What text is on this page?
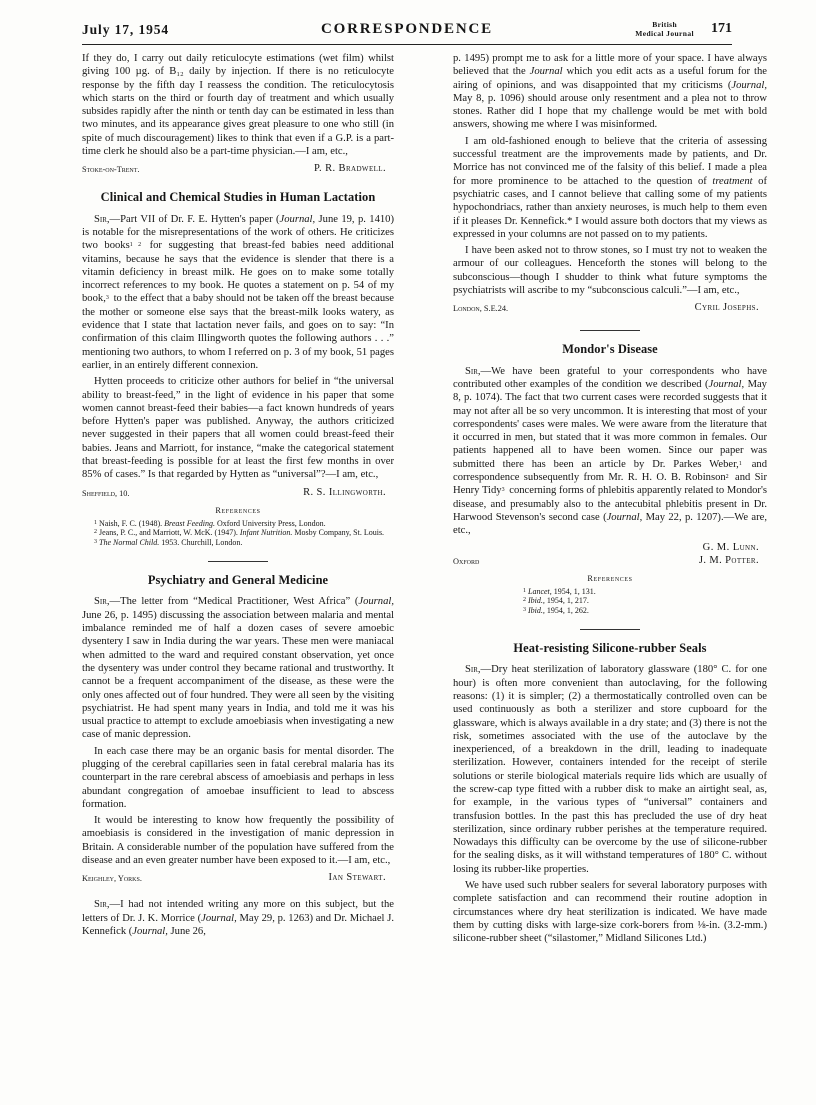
July 17, 1954	CORRESPONDENCE	British
Medical Journal 171

If they do, I carry out daily reticulocyte estimations (wet film) whilst giving 100 µg. of B₁₂ daily by injection. If there is no reticulocyte response by the fifth day I reassess the condition. The reticulocytosis which starts on the third or fourth day of treatment and which usually subsides rapidly after the ninth or tenth day can be estimated in less than two minutes, and its appearance gives great pleasure to one who still (in spite of much discouragement) likes to think that even if a G.P. is a part-time clerk he should also be a part-time physician.—I am, etc.,

Stoke-on-Trent.	P. R. Bradwell.
Clinical and Chemical Studies in Human Lactation

Sir,—Part VII of Dr. F. E. Hytten's paper (Journal, June 19, p. 1410) is notable for the misrepresentations of the work of others. He criticizes two books$^{1 2}$ for suggesting that breast-fed babies need additional vitamins, because he says that the evidence is slender that there is a vitamin deficiency in breast milk. He goes on to make some totally incorrect references to my book. He quotes a statement on p. 54 of my book,$^3$ to the effect that a baby should not be taken off the breast because the mother or someone else says that the breast-milk looks watery, as evidence that I state that lactation never fails, and goes on to say: “In confirmation of this claim Illingworth quotes the following authors . . .” mentioning two authors, to whom I referred on p. 3 of my book, 51 pages earlier, in an entirely different connexion.

Hytten proceeds to criticize other authors for belief in “the universal ability to breast-feed,” in the light of evidence in his paper that some women cannot breast-feed their babies—a fact known hundreds of years before Hytten's paper was published. Anyway, the authors criticized never suggested in their papers that all women could breast-feed their babies. Jeans and Marriott, for instance, “make the categorical statement that breast-feeding is possible for at least the first few months in over 85% of cases.” Is that regarded by Hytten as “universal”?—I am, etc.,

Sheffield, 10.	R. S. Illingworth.
References
$^1$ Naish, F. C. (1948). Breast Feeding. Oxford University Press, London.
$^2$ Jeans, P. C., and Marriott, W. McK. (1947). Infant Nutrition. Mosby Company, St. Louis.
$^3$ The Normal Child. 1953. Churchill, London.
Psychiatry and General Medicine

Sir,—The letter from “Medical Practitioner, West Africa” (Journal, June 26, p. 1495) discussing the association between malaria and mental imbalance reminded me of half a dozen cases of severe amoebic dysentery I saw in India during the war years. These men were maniacal when admitted to the ward and required constant observation, yet once the dysentery was under control they became rational and trustworthy. It cannot be a frequent accompaniment of the disease, as these were the only ones affected out of four hundred. They were all seen by the visiting psychiatrist. He had spent many years in India, and told me it was his usual practice to attempt to exclude amoebiasis when investigating a new case of manic depression.

In each case there may be an organic basis for mental disorder. The plugging of the cerebral capillaries seen in fatal cerebral malaria has its counterpart in the rare cerebral abscess of amoebiasis and perhaps in less abundant congregation of amoebae insufficient to lead to abscess formation.

It would be interesting to know how frequently the possibility of amoebiasis is considered in the investigation of manic depression in Britain. A considerable number of the population have suffered from the disease and an even greater number have been exposed to it.—I am, etc.,

Keighley, Yorks.	Ian Stewart.

Sir,—I had not intended writing any more on this subject, but the letters of Dr. J. K. Morrice (Journal, May 29, p. 1263) and Dr. Michael J. Kennefick (Journal, June 26,

p. 1495) prompt me to ask for a little more of your space. I have always believed that the Journal which you edit acts as a useful forum for the airing of opinions, and was disappointed that my criticisms (Journal, May 8, p. 1096) should arouse only resentment and a plea not to throw stones. Rather did I hope that my challenge would be met with bold answers, showing me where I was misinformed.

I am old-fashioned enough to believe that the criteria of assessing successful treatment are the improvements made by patients, and Dr. Morrice has not convinced me of the falsity of this belief. I made a plea for more prominence to be attached to the question of treatment of psychiatric cases, and I cannot believe that calling some of my patients hypochondriacs, rather than anxiety neuroses, is much help to them even if it pleases Dr. Kennefick.* I would assure both doctors that my views as expressed in your columns are not passed on to my patients.

I have been asked not to throw stones, so I must try not to weaken the armour of our colleagues. Henceforth the stones will belong to the subconscious—though I shudder to think what future symptoms the psychiatrists will ascribe to my “subconscious calculi.”—I am, etc.,

London, S.E.24.	Cyril Josephs.
Mondor's Disease

Sir,—We have been grateful to your correspondents who have contributed other examples of the condition we described (Journal, May 8, p. 1074). The fact that two current cases were recorded suggests that it may not after all be so very uncommon. It is interesting that most of your correspondents' cases were males. We were aware from the literature that it occurred in men, but stated that it was more common in females. Our patients happened all to have been women. Since our paper was submitted there has been an article by Dr. Parkes Weber,$^1$ and correspondence subsequently from Mr. R. H. O. B. Robinson$^2$ and Sir Henry Tidy$^3$ concerning forms of phlebitis apparently related to Mondor's disease, and presumably also to the antecubital phlebitis present in Dr. Harwood Stevenson's second case (Journal, May 22, p. 1207).—We are, etc.,

G. M. Lunn.
Oxford	J. M. Potter.
References
$^1$ Lancet, 1954, 1, 131.
$^2$ Ibid., 1954, 1, 217.
$^3$ Ibid., 1954, 1, 262.
Heat-resisting Silicone-rubber Seals

Sir,—Dry heat sterilization of laboratory glassware (180° C. for one hour) is often more convenient than autoclaving, for the following reasons: (1) it is simpler; (2) a thermostatically controlled oven can be used continuously as both a sterilizer and store cupboard for the glassware, which is always available in a dry state; and (3) there is not the risk, sometimes associated with the use of the autoclave by the inexperienced, of a breakdown in the drill, leading to inadequate sterilization. However, containers intended for the receipt of sterile solutions or sterile biological materials require lids which are usually of the screw-cap type fitted with a rubber disk to make an airtight seal, as, for example, in the various types of “universal” containers and transfusion bottles. In the past this has precluded the use of dry heat sterilization, since ordinary rubber perishes at the temperature required. Nowadays this difficulty can be overcome by the use of silicone-rubber for the sealing disks, as it will withstand temperatures of 180° C. without losing its rubber-like properties.

We have used such rubber sealers for several laboratory purposes with complete satisfaction and can recommend their routine adoption in circumstances where dry heat sterilization is indicated. We have made them by cutting disks with large-size cork-borers from ⅛-in. (3.2-mm.) silicone-rubber sheet (“silastomer,” Midland Silicones Ltd.)
